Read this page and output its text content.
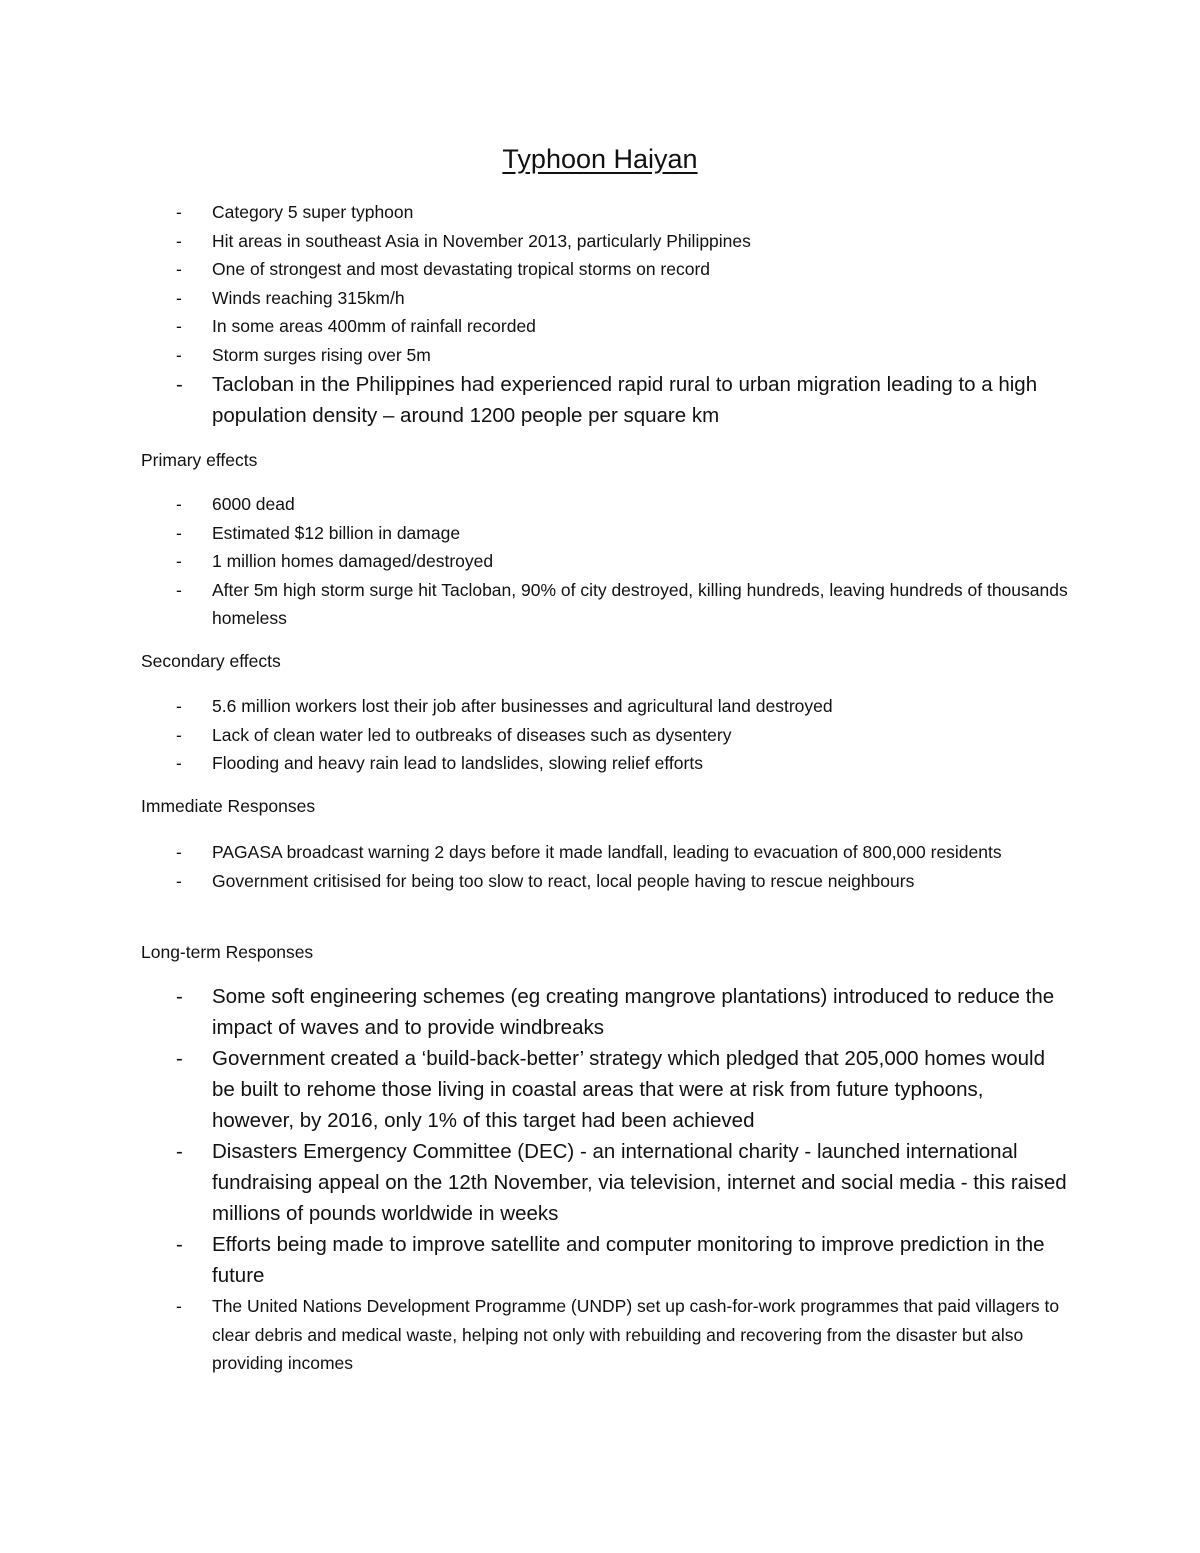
Typhoon Haiyan
- Category 5 super typhoon
- Hit areas in southeast Asia in November 2013, particularly Philippines
- One of strongest and most devastating tropical storms on record
- Winds reaching 315km/h
- In some areas 400mm of rainfall recorded
- Storm surges rising over 5m
- Tacloban in the Philippines had experienced rapid rural to urban migration leading to a high population density – around 1200 people per square km
Primary effects
- 6000 dead
- Estimated $12 billion in damage
- 1 million homes damaged/destroyed
- After 5m high storm surge hit Tacloban, 90% of city destroyed, killing hundreds, leaving hundreds of thousands homeless
Secondary effects
- 5.6 million workers lost their job after businesses and agricultural land destroyed
- Lack of clean water led to outbreaks of diseases such as dysentery
- Flooding and heavy rain lead to landslides, slowing relief efforts
Immediate Responses
- PAGASA broadcast warning 2 days before it made landfall, leading to evacuation of 800,000 residents
- Government critisised for being too slow to react, local people having to rescue neighbours
Long-term Responses
- Some soft engineering schemes (eg creating mangrove plantations) introduced to reduce the impact of waves and to provide windbreaks
- Government created a ‘build-back-better’ strategy which pledged that 205,000 homes would be built to rehome those living in coastal areas that were at risk from future typhoons, however, by 2016, only 1% of this target had been achieved
- Disasters Emergency Committee (DEC) - an international charity - launched international fundraising appeal on the 12th November, via television, internet and social media - this raised millions of pounds worldwide in weeks
- Efforts being made to improve satellite and computer monitoring to improve prediction in the future
- The United Nations Development Programme (UNDP) set up cash-for-work programmes that paid villagers to clear debris and medical waste, helping not only with rebuilding and recovering from the disaster but also providing incomes
